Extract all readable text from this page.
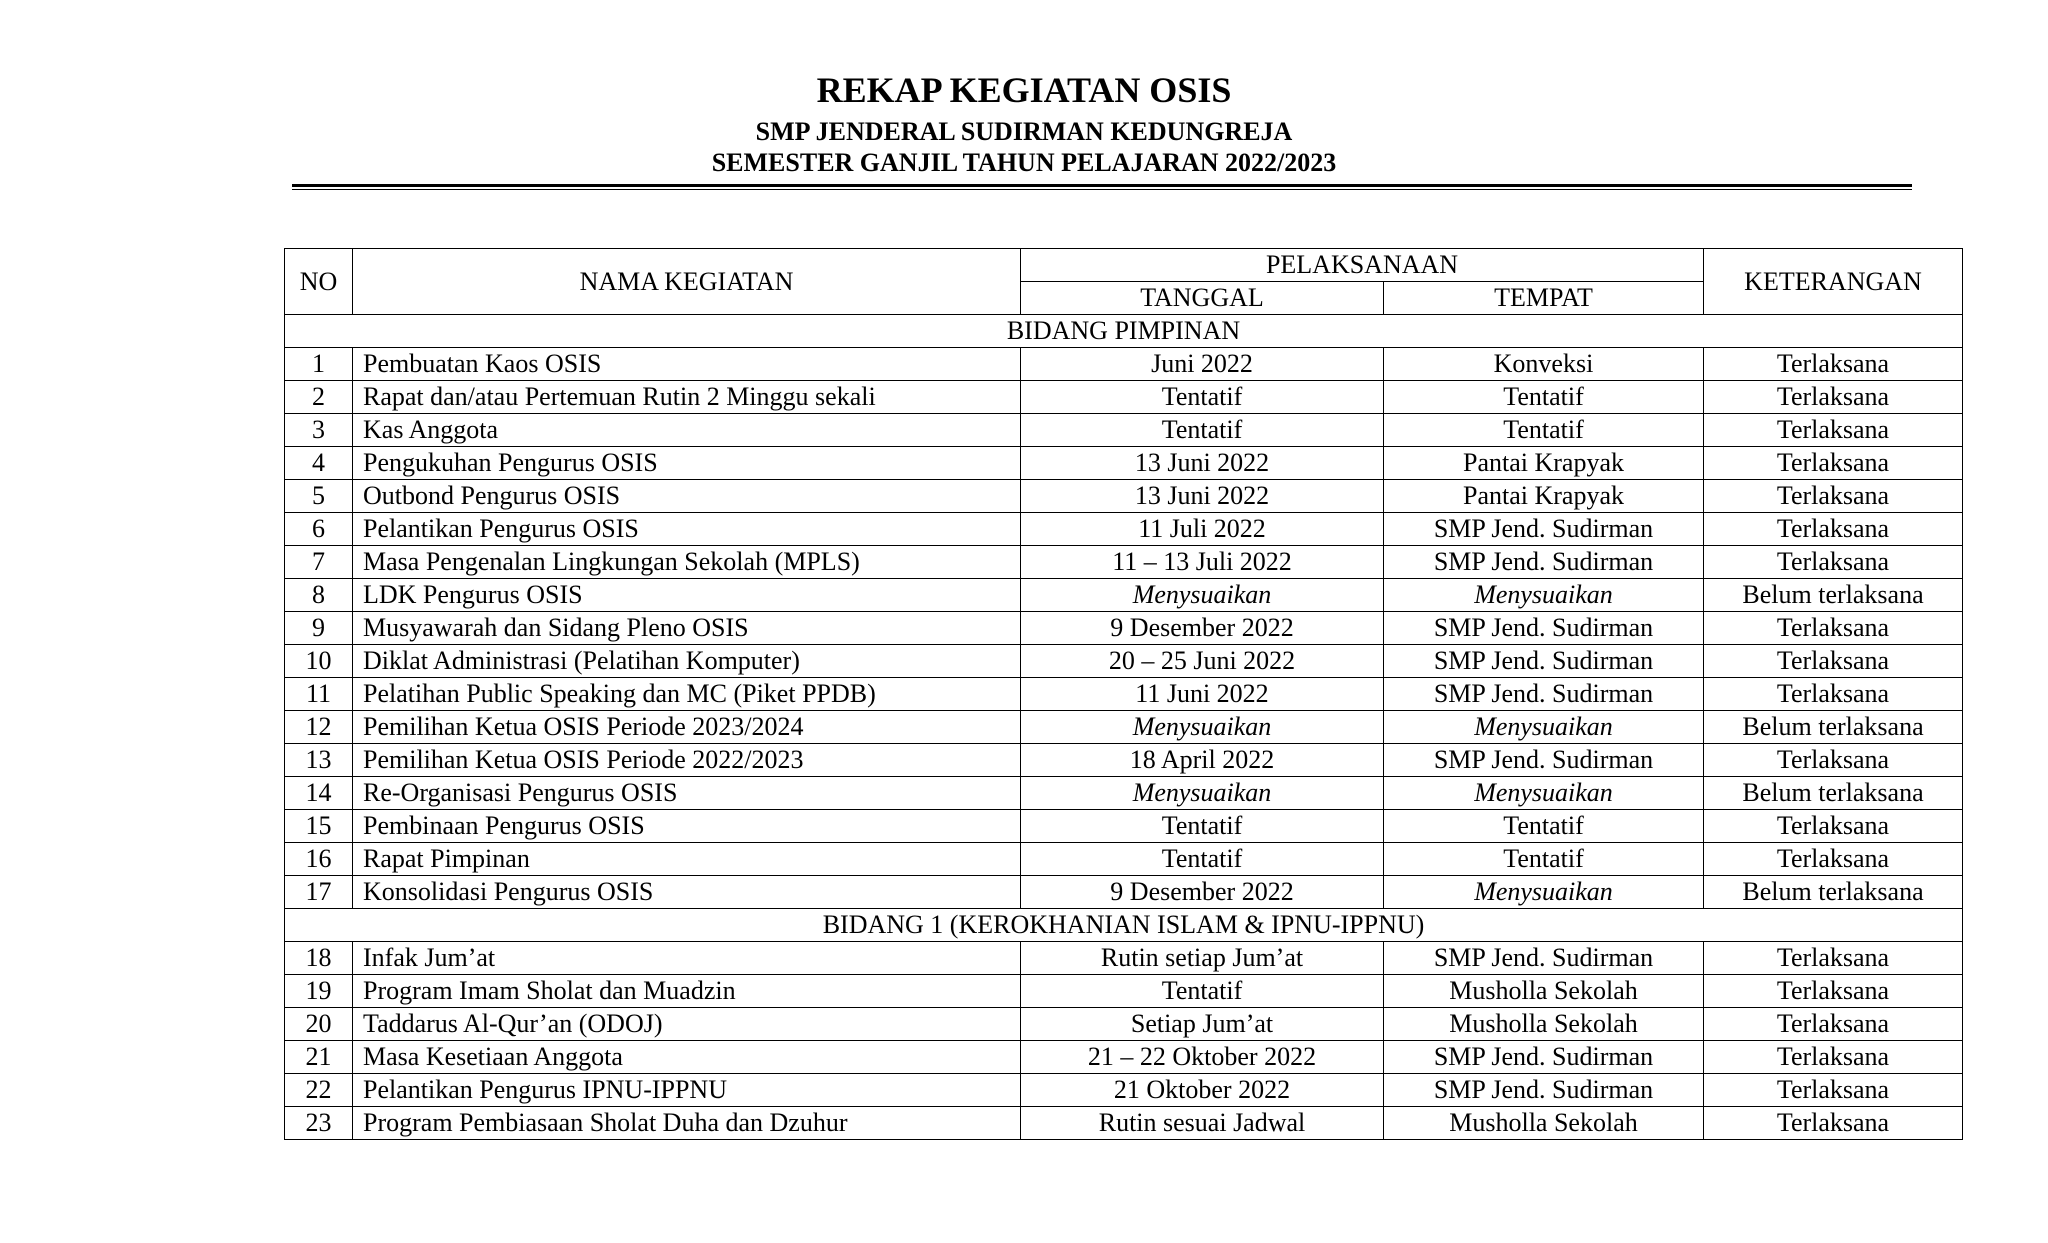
REKAP KEGIATAN OSIS
SMP JENDERAL SUDIRMAN KEDUNGREJA
SEMESTER GANJIL TAHUN PELAJARAN 2022/2023
NO	NAMA KEGIATAN	PELAKSANAAN		KETERANGAN
		TANGGAL	TEMPAT	
BIDANG PIMPINAN				
1	Pembuatan Kaos OSIS	Juni 2022	Konveksi	Terlaksana
2	Rapat dan/atau Pertemuan Rutin 2 Minggu sekali	Tentatif	Tentatif	Terlaksana
3	Kas Anggota	Tentatif	Tentatif	Terlaksana
4	Pengukuhan Pengurus OSIS	13 Juni 2022	Pantai Krapyak	Terlaksana
5	Outbond Pengurus OSIS	13 Juni 2022	Pantai Krapyak	Terlaksana
6	Pelantikan Pengurus OSIS	11 Juli 2022	SMP Jend. Sudirman	Terlaksana
7	Masa Pengenalan Lingkungan Sekolah (MPLS)	11 – 13 Juli 2022	SMP Jend. Sudirman	Terlaksana
8	LDK Pengurus OSIS	Menysuaikan	Menysuaikan	Belum terlaksana
9	Musyawarah dan Sidang Pleno OSIS	9 Desember 2022	SMP Jend. Sudirman	Terlaksana
10	Diklat Administrasi (Pelatihan Komputer)	20 – 25 Juni 2022	SMP Jend. Sudirman	Terlaksana
11	Pelatihan Public Speaking dan MC (Piket PPDB)	11 Juni 2022	SMP Jend. Sudirman	Terlaksana
12	Pemilihan Ketua OSIS Periode 2023/2024	Menysuaikan	Menysuaikan	Belum terlaksana
13	Pemilihan Ketua OSIS Periode 2022/2023	18 April 2022	SMP Jend. Sudirman	Terlaksana
14	Re-Organisasi Pengurus OSIS	Menysuaikan	Menysuaikan	Belum terlaksana
15	Pembinaan Pengurus OSIS	Tentatif	Tentatif	Terlaksana
16	Rapat Pimpinan	Tentatif	Tentatif	Terlaksana
17	Konsolidasi Pengurus OSIS	9 Desember 2022	Menysuaikan	Belum terlaksana
BIDANG 1 (KEROKHANIAN ISLAM & IPNU-IPPNU)				
18	Infak Jum’at	Rutin setiap Jum’at	SMP Jend. Sudirman	Terlaksana
19	Program Imam Sholat dan Muadzin	Tentatif	Musholla Sekolah	Terlaksana
20	Taddarus Al-Qur’an (ODOJ)	Setiap Jum’at	Musholla Sekolah	Terlaksana
21	Masa Kesetiaan Anggota	21 – 22 Oktober 2022	SMP Jend. Sudirman	Terlaksana
22	Pelantikan Pengurus IPNU-IPPNU	21 Oktober 2022	SMP Jend. Sudirman	Terlaksana
23	Program Pembiasaan Sholat Duha dan Dzuhur	Rutin sesuai Jadwal	Musholla Sekolah	Terlaksana
